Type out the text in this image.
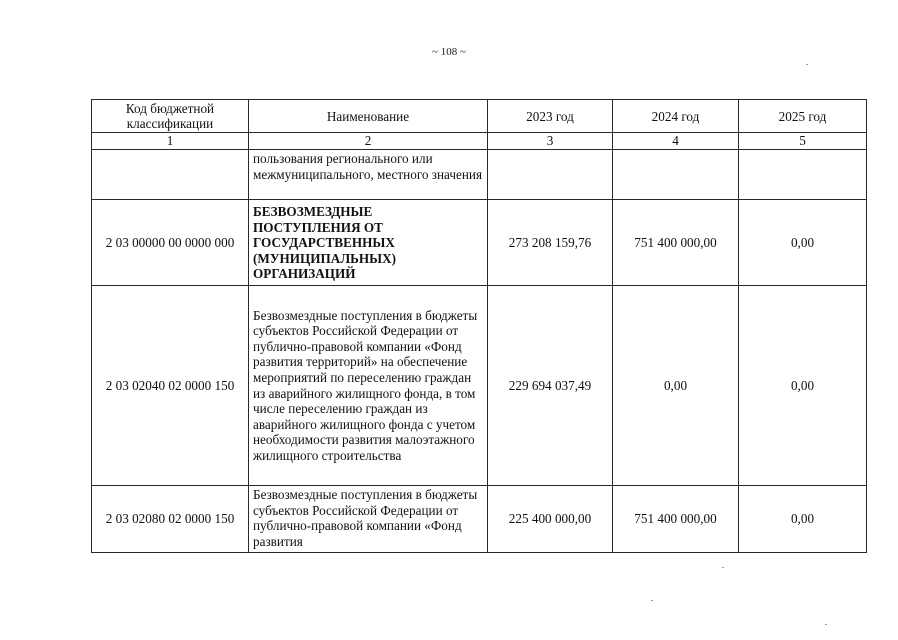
~ 108 ~
Код бюджетной классификации	Наименование	2023 год	2024 год	2025 год
1	2	3	4	5
	пользования регионального или межмуниципального, местного значения			
2 03 00000 00 0000 000	БЕЗВОЗМЕЗДНЫЕ ПОСТУПЛЕНИЯ ОТ ГОСУДАРСТВЕННЫХ (МУНИЦИПАЛЬНЫХ) ОРГАНИЗАЦИЙ	273 208 159,76	751 400 000,00	0,00
2 03 02040 02 0000 150	Безвозмездные поступления в бюджеты субъектов Российской Федерации от публично-правовой компании «Фонд развития территорий» на обеспечение мероприятий по переселению граждан из аварийного жилищного фонда, в том числе переселению граждан из аварийного жилищного фонда с учетом необходимости развития малоэтажного жилищного строительства	229 694 037,49	0,00	0,00
2 03 02080 02 0000 150	Безвозмездные поступления в бюджеты субъектов Российской Федерации от публично-правовой компании «Фонд развития	225 400 000,00	751 400 000,00	0,00
